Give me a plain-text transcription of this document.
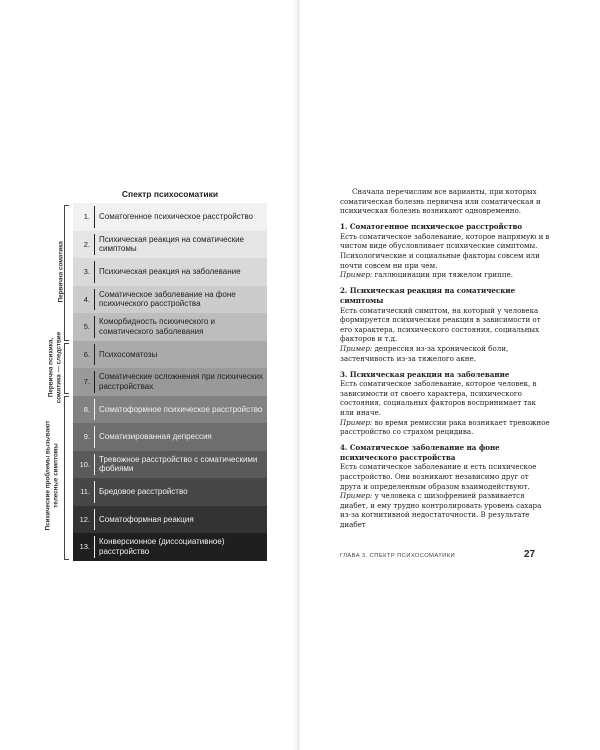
Спектр психосоматики
1. Соматогенное психическое расстройство
2.
Психическая реакция на соматические симптомы
3. Психическая реакция на заболевание
4.
Соматическое заболевание на фоне психического расстройства
5.
Коморбидность психического и соматического заболевания
6. Психосоматозы
7.
Соматические осложнения при психических расстройствах
8. Соматоформное психическое расстройство
9. Соматизированная депрессия
10.
Тревожное расстройство с соматическими фобиями
11. Бредовое расстройство
12. Соматоформная реакция
13.
Конверсионное (диссоциативное) расстройство
Первична соматика
Первична психика,
соматика — следствие
Психические проблемы вызывают
телесные симптомы

Сначала перечислим все варианты, при которых соматическая болезнь первична или соматическая и психическая болезнь возникают одновременно.

1. Соматогенное психическое расстройство
Есть соматическое заболевание, которое напрямую и в чистом виде обусловливает психические симптомы. Психологические и социальные факторы совсем или почти совсем ни при чем.
Пример: галлюцинации при тяжелом гриппе.

2. Психическая реакция на соматические симптомы
Есть соматический симптом, на который у человека формируется психическая реакция в зависимости от его характера, психического состояния, социальных факторов и т.д.
Пример: депрессия из-за хронической боли, застенчивость из-за тяжелого акне.

3. Психическая реакция на заболевание
Есть соматическое заболевание, которое человек, в зависимости от своего характера, психического состояния, социальных факторов воспринимает так или иначе.
Пример: во время ремиссии рака возникает тревожное расстройство со страхом рецидива.

4. Соматическое заболевание на фоне психического расстройства
Есть соматическое заболевание и есть психическое расстройство. Они возникают независимо друг от друга и определенным образом взаимодействуют.
Пример: у человека с шизофренией развивается диабет, и ему трудно контролировать уровень сахара из-за когнитивной недостаточности. В результате диабет

ГЛАВА 3. СПЕКТР ПСИХОСОМАТИКИ	27
